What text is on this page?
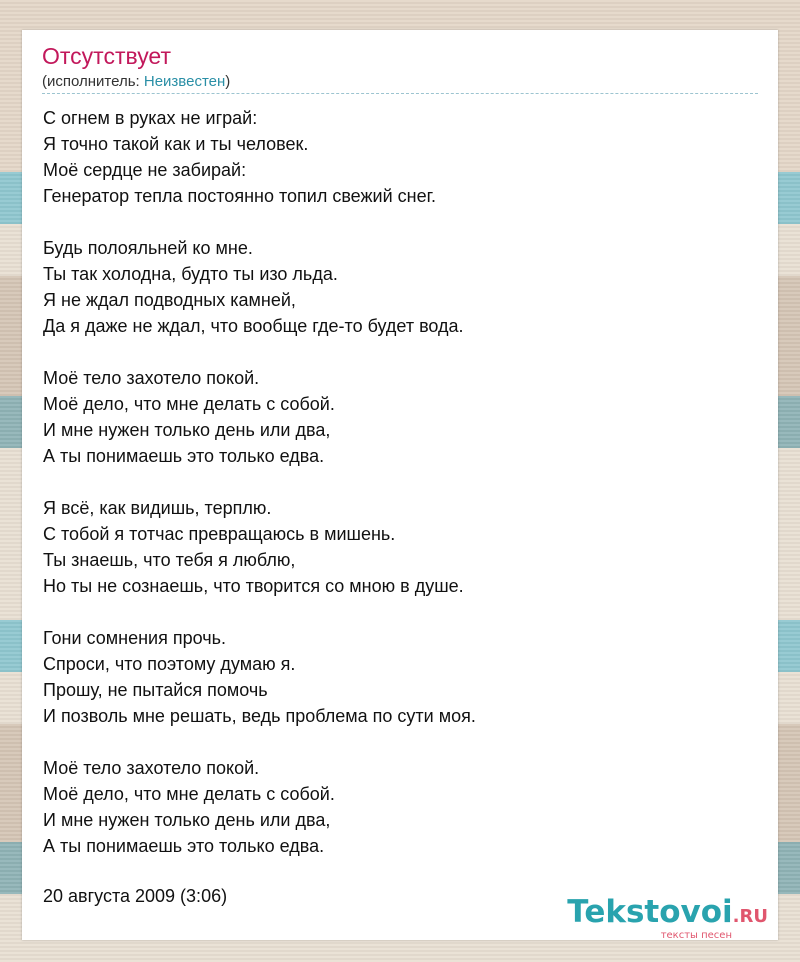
Отсутствует
(исполнитель: Неизвестен)
С огнем в руках не играй:
Я точно такой как и ты человек.
Моё сердце не забирай:
Генератор тепла постоянно топил свежий снег.
Будь полояльней ко мне.
Ты так холодна, будто ты изо льда.
Я не ждал подводных камней,
Да я даже не ждал, что вообще где-то будет вода.
Моё тело захотело покой.
Моё дело, что мне делать с собой.
И мне нужен только день или два,
А ты понимаешь это только едва.
Я всё, как видишь, терплю.
С тобой я тотчас превращаюсь в мишень.
Ты знаешь, что тебя я люблю,
Но ты не сознаешь, что творится со мною в душе.
Гони сомнения прочь.
Спроси, что поэтому думаю я.
Прошу, не пытайся помочь
И позволь мне решать, ведь проблема по сути моя.
Моё тело захотело покой.
Моё дело, что мне делать с собой.
И мне нужен только день или два,
А ты понимаешь это только едва.
20 августа 2009 (3:06)	Tekstovoi.RU
тексты песен
